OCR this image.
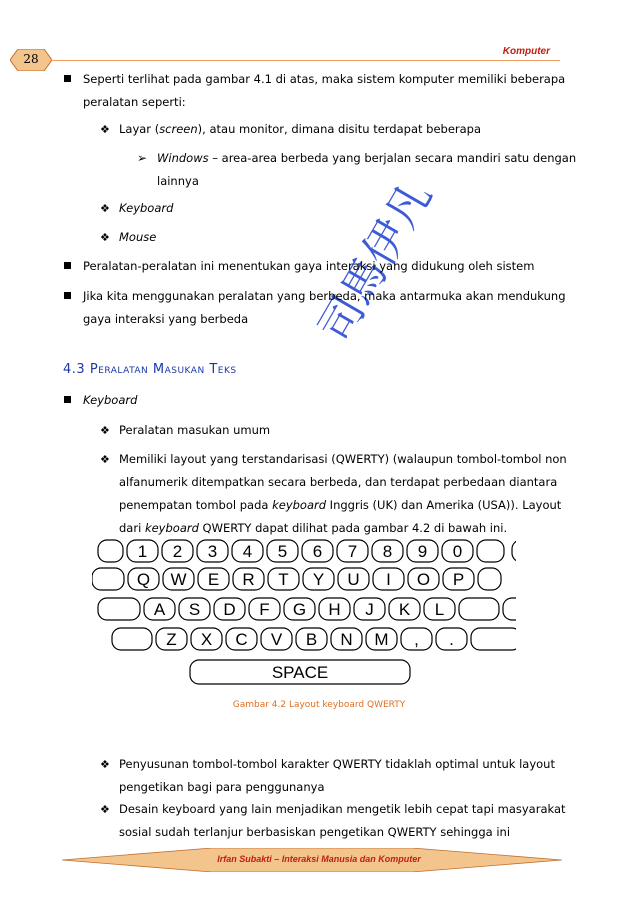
28
Komputer
司馬伊凡
Seperti terlihat pada gambar 4.1 di atas, maka sistem komputer memiliki beberapa
peralatan seperti:
❖ Layar (screen), atau monitor, dimana disitu terdapat beberapa
➢ Windows – area-area berbeda yang berjalan secara mandiri satu dengan
lainnya
❖ Keyboard
❖ Mouse
Peralatan-peralatan ini menentukan gaya interaksi yang didukung oleh sistem
Jika kita menggunakan peralatan yang berbeda, maka antarmuka akan mendukung
gaya interaksi yang berbeda
4.3 Peralatan Masukan Teks
Keyboard
❖ Peralatan masukan umum
❖ Memiliki layout yang terstandarisasi (QWERTY) (walaupun tombol-tombol non
alfanumerik ditempatkan secara berbeda, dan terdapat perbedaan diantara
penempatan tombol pada keyboard Inggris (UK) dan Amerika (USA)). Layout
dari keyboard QWERTY dapat dilihat pada gambar 4.2 di bawah ini.
1 2 3 4 5 6 7 8 9 0
Q W E R T Y U I O P
A S D F G H J K L
Z X C V B N M , .
SPACE
Gambar 4.2 Layout keyboard QWERTY
❖ Penyusunan tombol-tombol karakter QWERTY tidaklah optimal untuk layout
pengetikan bagi para penggunanya
❖ Desain keyboard yang lain menjadikan mengetik lebih cepat tapi masyarakat
sosial sudah terlanjur berbasiskan pengetikan QWERTY sehingga ini
Irfan Subakti – Interaksi Manusia dan Komputer
